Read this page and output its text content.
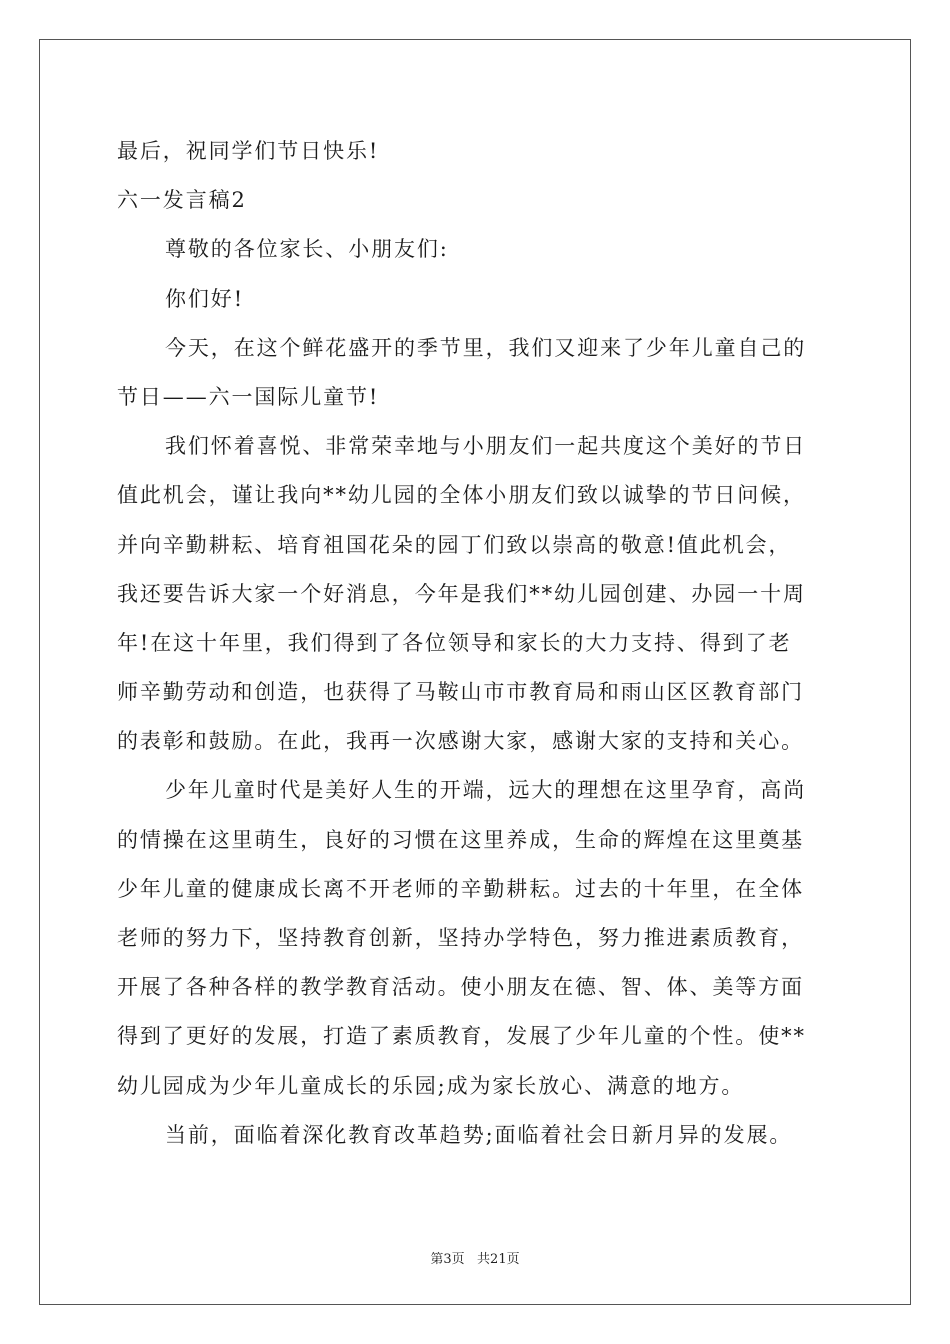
最后，祝同学们节日快乐!
六一发言稿2
尊敬的各位家长、小朋友们:
你们好!
今天，在这个鲜花盛开的季节里，我们又迎来了少年儿童自己的
节日——六一国际儿童节!
我们怀着喜悦、非常荣幸地与小朋友们一起共度这个美好的节日
值此机会，谨让我向**幼儿园的全体小朋友们致以诚挚的节日问候，
并向辛勤耕耘、培育祖国花朵的园丁们致以崇高的敬意!值此机会，
我还要告诉大家一个好消息，今年是我们**幼儿园创建、办园一十周
年!在这十年里，我们得到了各位领导和家长的大力支持、得到了老
师辛勤劳动和创造，也获得了马鞍山市市教育局和雨山区区教育部门
的表彰和鼓励。在此，我再一次感谢大家，感谢大家的支持和关心。
少年儿童时代是美好人生的开端，远大的理想在这里孕育，高尚
的情操在这里萌生，良好的习惯在这里养成，生命的辉煌在这里奠基
少年儿童的健康成长离不开老师的辛勤耕耘。过去的十年里，在全体
老师的努力下，坚持教育创新，坚持办学特色，努力推进素质教育，
开展了各种各样的教学教育活动。使小朋友在德、智、体、美等方面
得到了更好的发展，打造了素质教育，发展了少年儿童的个性。使**
幼儿园成为少年儿童成长的乐园;成为家长放心、满意的地方。
当前，面临着深化教育改革趋势;面临着社会日新月异的发展。
第3页   共21页
